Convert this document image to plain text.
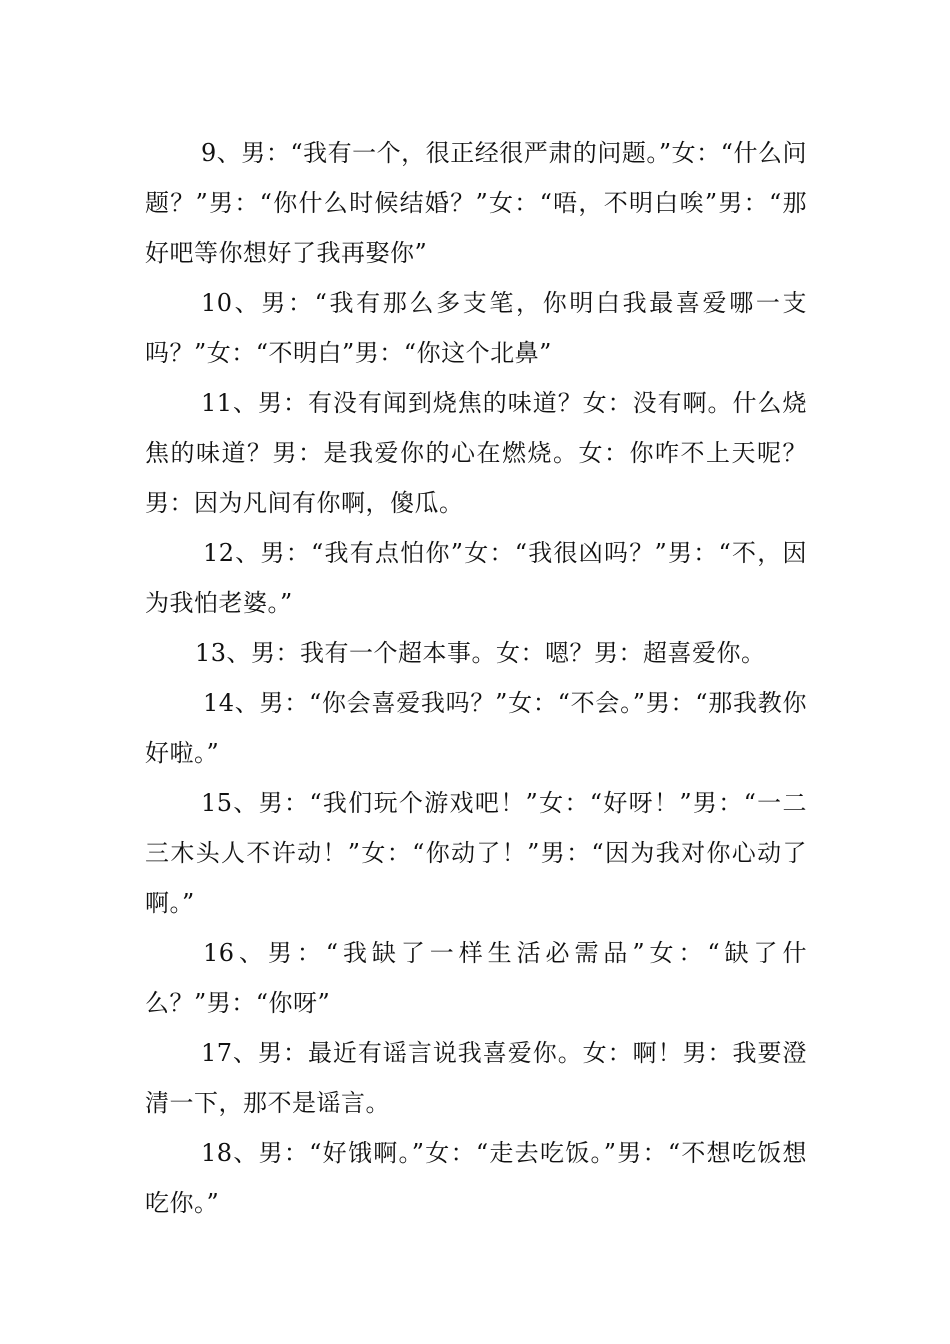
9、男：“我有一个，很正经很严肃的问题。”女：“什么问题？”男：“你什么时候结婚？”女：“唔，不明白唉”男：“那好吧等你想好了我再娶你”

10、男：“我有那么多支笔，你明白我最喜爱哪一支吗？”女：“不明白”男：“你这个北鼻”

11、男：有没有闻到烧焦的味道？女：没有啊。什么烧焦的味道？男：是我爱你的心在燃烧。女：你咋不上天呢？男：因为凡间有你啊，傻瓜。

12、男：“我有点怕你”女：“我很凶吗？”男：“不，因为我怕老婆。”

13、男：我有一个超本事。女：嗯？男：超喜爱你。

14、男：“你会喜爱我吗？”女：“不会。”男：“那我教你好啦。”

15、男：“我们玩个游戏吧！”女：“好呀！”男：“一二三木头人不许动！”女：“你动了！”男：“因为我对你心动了啊。”

16、男：“我缺了一样生活必需品”女：“缺了什么？”男：“你呀”

17、男：最近有谣言说我喜爱你。女：啊！男：我要澄清一下，那不是谣言。

18、男：“好饿啊。”女：“走去吃饭。”男：“不想吃饭想吃你。”
